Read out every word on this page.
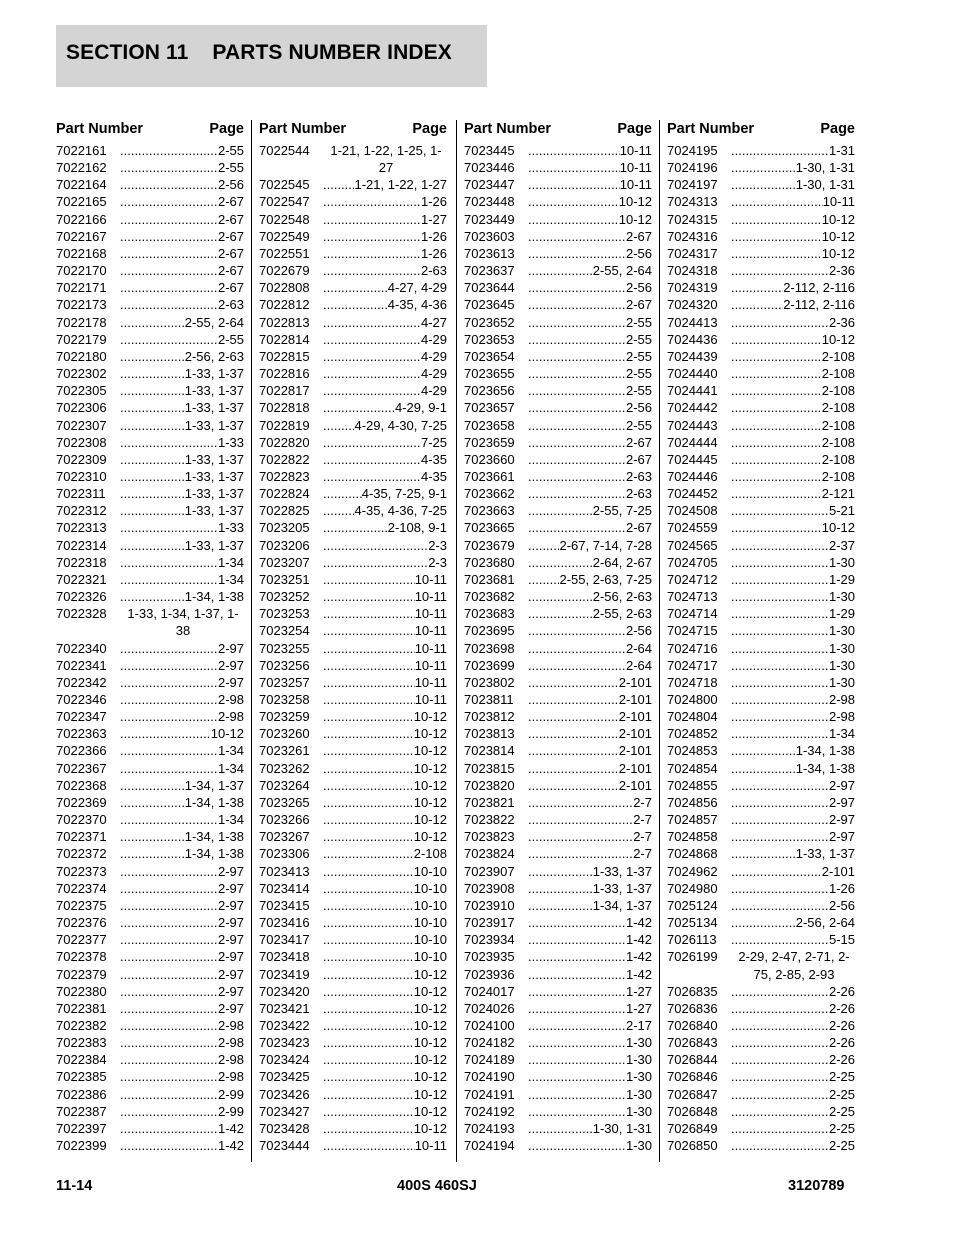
SECTION 11 PARTS NUMBER INDEX
Part Number	Page
7022161 .....	2-55
7022162 .....	2-55
7022164 .....	2-56
7022165 .....	2-67
7022166 .....	2-67
7022167 .....	2-67
7022168 .....	2-67
7022170 .....	2-67
7022171 .....	2-67
7022173 .....	2-63
7022178 .....	2-55, 2-64
7022179 .....	2-55
7022180 .....	2-56, 2-63
7022302 .....	1-33, 1-37
7022305 .....	1-33, 1-37
7022306 .....	1-33, 1-37
7022307 .....	1-33, 1-37
7022308 .....	1-33
7022309 .....	1-33, 1-37
7022310 .....	1-33, 1-37
7022311 .....	1-33, 1-37
7022312 .....	1-33, 1-37
7022313 .....	1-33
7022314 .....	1-33, 1-37
7022318 .....	1-34
7022321 .....	1-34
7022326 .....	1-34, 1-38
7022328	1-33, 1-34, 1-37, 1-38
7022340 .....	2-97
7022341 .....	2-97
7022342 .....	2-97
7022346 .....	2-98
7022347 .....	2-98
7022363 .....	10-12
7022366 .....	1-34
7022367 .....	1-34
7022368 .....	1-34, 1-37
7022369 .....	1-34, 1-38
7022370 .....	1-34
7022371 .....	1-34, 1-38
7022372 .....	1-34, 1-38
7022373 .....	2-97
7022374 .....	2-97
7022375 .....	2-97
7022376 .....	2-97
7022377 .....	2-97
7022378 .....	2-97
7022379 .....	2-97
7022380 .....	2-97
7022381 .....	2-97
7022382 .....	2-98
7022383 .....	2-98
7022384 .....	2-98
7022385 .....	2-98
7022386 .....	2-99
7022387 .....	2-99
7022397 .....	1-42
7022399 .....	1-42
Part Number	Page
7022544	1-21, 1-22, 1-25, 1-27
7022545 .....	1-21, 1-22, 1-27
7022547 .....	1-26
7022548 .....	1-27
7022549 .....	1-26
7022551 .....	1-26
7022679 .....	2-63
7022808 .....	4-27, 4-29
7022812 .....	4-35, 4-36
7022813 .....	4-27
7022814 .....	4-29
7022815 .....	4-29
7022816 .....	4-29
7022817 .....	4-29
7022818 .....	4-29, 9-1
7022819 .....	4-29, 4-30, 7-25
7022820 .....	7-25
7022822 .....	4-35
7022823 .....	4-35
7022824 .....	4-35, 7-25, 9-1
7022825 .....	4-35, 4-36, 7-25
7023205 .....	2-108, 9-1
7023206 .....	2-3
7023207 .....	2-3
7023251 .....	10-11
7023252 .....	10-11
7023253 .....	10-11
7023254 .....	10-11
7023255 .....	10-11
7023256 .....	10-11
7023257 .....	10-11
7023258 .....	10-11
7023259 .....	10-12
7023260 .....	10-12
7023261 .....	10-12
7023262 .....	10-12
7023264 .....	10-12
7023265 .....	10-12
7023266 .....	10-12
7023267 .....	10-12
7023306 .....	2-108
7023413 .....	10-10
7023414 .....	10-10
7023415 .....	10-10
7023416 .....	10-10
7023417 .....	10-10
7023418 .....	10-10
7023419 .....	10-12
7023420 .....	10-12
7023421 .....	10-12
7023422 .....	10-12
7023423 .....	10-12
7023424 .....	10-12
7023425 .....	10-12
7023426 .....	10-12
7023427 .....	10-12
7023428 .....	10-12
7023444 .....	10-11
Part Number	Page
7023445 .....	10-11
7023446 .....	10-11
7023447 .....	10-11
7023448 .....	10-12
7023449 .....	10-12
7023603 .....	2-67
7023613 .....	2-56
7023637 .....	2-55, 2-64
7023644 .....	2-56
7023645 .....	2-67
7023652 .....	2-55
7023653 .....	2-55
7023654 .....	2-55
7023655 .....	2-55
7023656 .....	2-55
7023657 .....	2-56
7023658 .....	2-55
7023659 .....	2-67
7023660 .....	2-67
7023661 .....	2-63
7023662 .....	2-63
7023663 .....	2-55, 7-25
7023665 .....	2-67
7023679 .....	2-67, 7-14, 7-28
7023680 .....	2-64, 2-67
7023681 .....	2-55, 2-63, 7-25
7023682 .....	2-56, 2-63
7023683 .....	2-55, 2-63
7023695 .....	2-56
7023698 .....	2-64
7023699 .....	2-64
7023802 .....	2-101
7023811 .....	2-101
7023812 .....	2-101
7023813 .....	2-101
7023814 .....	2-101
7023815 .....	2-101
7023820 .....	2-101
7023821 .....	2-7
7023822 .....	2-7
7023823 .....	2-7
7023824 .....	2-7
7023907 .....	1-33, 1-37
7023908 .....	1-33, 1-37
7023910 .....	1-34, 1-37
7023917 .....	1-42
7023934 .....	1-42
7023935 .....	1-42
7023936 .....	1-42
7024017 .....	1-27
7024026 .....	1-27
7024100 .....	2-17
7024182 .....	1-30
7024189 .....	1-30
7024190 .....	1-30
7024191 .....	1-30
7024192 .....	1-30
7024193 .....	1-30, 1-31
7024194 .....	1-30
Part Number	Page
7024195 .....	1-31
7024196 .....	1-30, 1-31
7024197 .....	1-30, 1-31
7024313 .....	10-11
7024315 .....	10-12
7024316 .....	10-12
7024317 .....	10-12
7024318 .....	2-36
7024319 .....	2-112, 2-116
7024320 .....	2-112, 2-116
7024413 .....	2-36
7024436 .....	10-12
7024439 .....	2-108
7024440 .....	2-108
7024441 .....	2-108
7024442 .....	2-108
7024443 .....	2-108
7024444 .....	2-108
7024445 .....	2-108
7024446 .....	2-108
7024452 .....	2-121
7024508 .....	5-21
7024559 .....	10-12
7024565 .....	2-37
7024705 .....	1-30
7024712 .....	1-29
7024713 .....	1-30
7024714 .....	1-29
7024715 .....	1-30
7024716 .....	1-30
7024717 .....	1-30
7024718 .....	1-30
7024800 .....	2-98
7024804 .....	2-98
7024852 .....	1-34
7024853 .....	1-34, 1-38
7024854 .....	1-34, 1-38
7024855 .....	2-97
7024856 .....	2-97
7024857 .....	2-97
7024858 .....	2-97
7024868 .....	1-33, 1-37
7024962 .....	2-101
7024980 .....	1-26
7025124 .....	2-56
7025134 .....	2-56, 2-64
7026113 .....	5-15
7026199	2-29, 2-47, 2-71, 2-75, 2-85, 2-93
7026835 .....	2-26
7026836 .....	2-26
7026840 .....	2-26
7026843 .....	2-26
7026844 .....	2-26
7026846 .....	2-25
7026847 .....	2-25
7026848 .....	2-25
7026849 .....	2-25
7026850 .....	2-25
11-14	400S 460SJ	3120789
